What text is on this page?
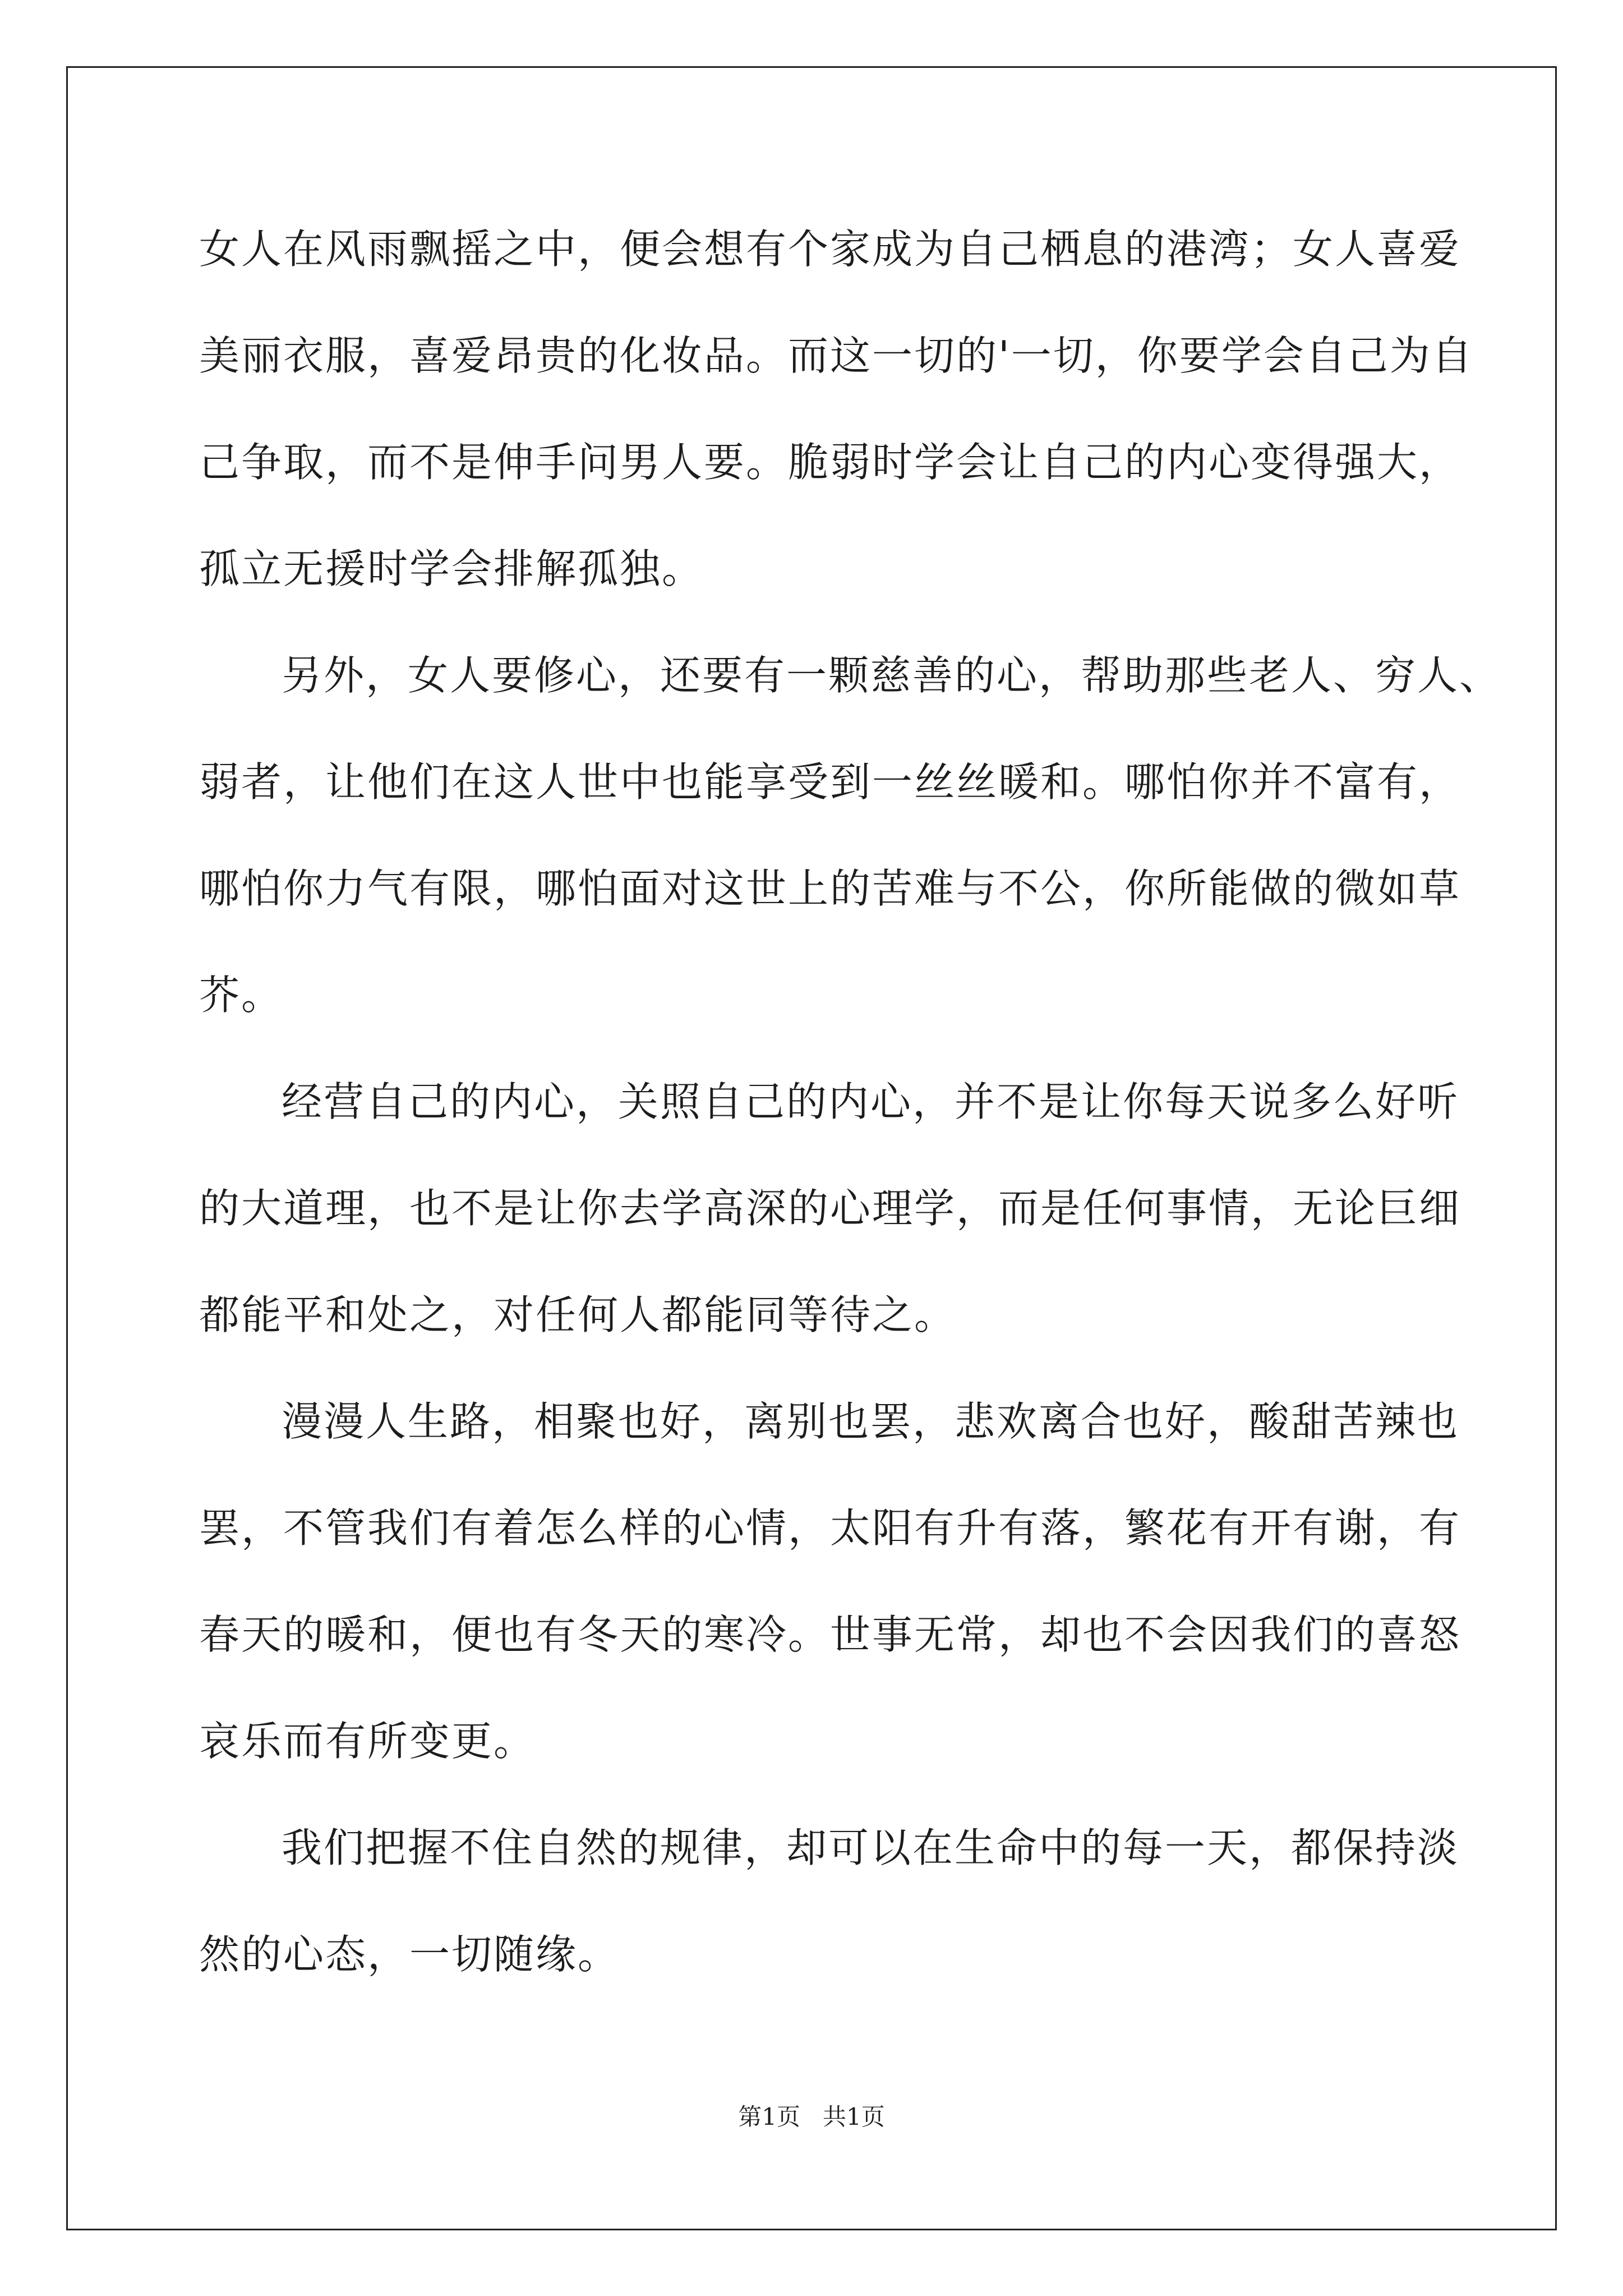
女人在风雨飘摇之中，便会想有个家成为自己栖息的港湾；女人喜爱
美丽衣服，喜爱昂贵的化妆品。而这一切的'一切，你要学会自己为自
己争取，而不是伸手问男人要。脆弱时学会让自己的内心变得强大，
孤立无援时学会排解孤独。
另外，女人要修心，还要有一颗慈善的心，帮助那些老人、穷人、
弱者，让他们在这人世中也能享受到一丝丝暖和。哪怕你并不富有，
哪怕你力气有限，哪怕面对这世上的苦难与不公，你所能做的微如草
芥。
经营自己的内心，关照自己的内心，并不是让你每天说多么好听
的大道理，也不是让你去学高深的心理学，而是任何事情，无论巨细
都能平和处之，对任何人都能同等待之。
漫漫人生路，相聚也好，离别也罢，悲欢离合也好，酸甜苦辣也
罢，不管我们有着怎么样的心情，太阳有升有落，繁花有开有谢，有
春天的暖和，便也有冬天的寒冷。世事无常，却也不会因我们的喜怒
哀乐而有所变更。
我们把握不住自然的规律，却可以在生命中的每一天，都保持淡
然的心态，一切随缘。
第1页   共1页
